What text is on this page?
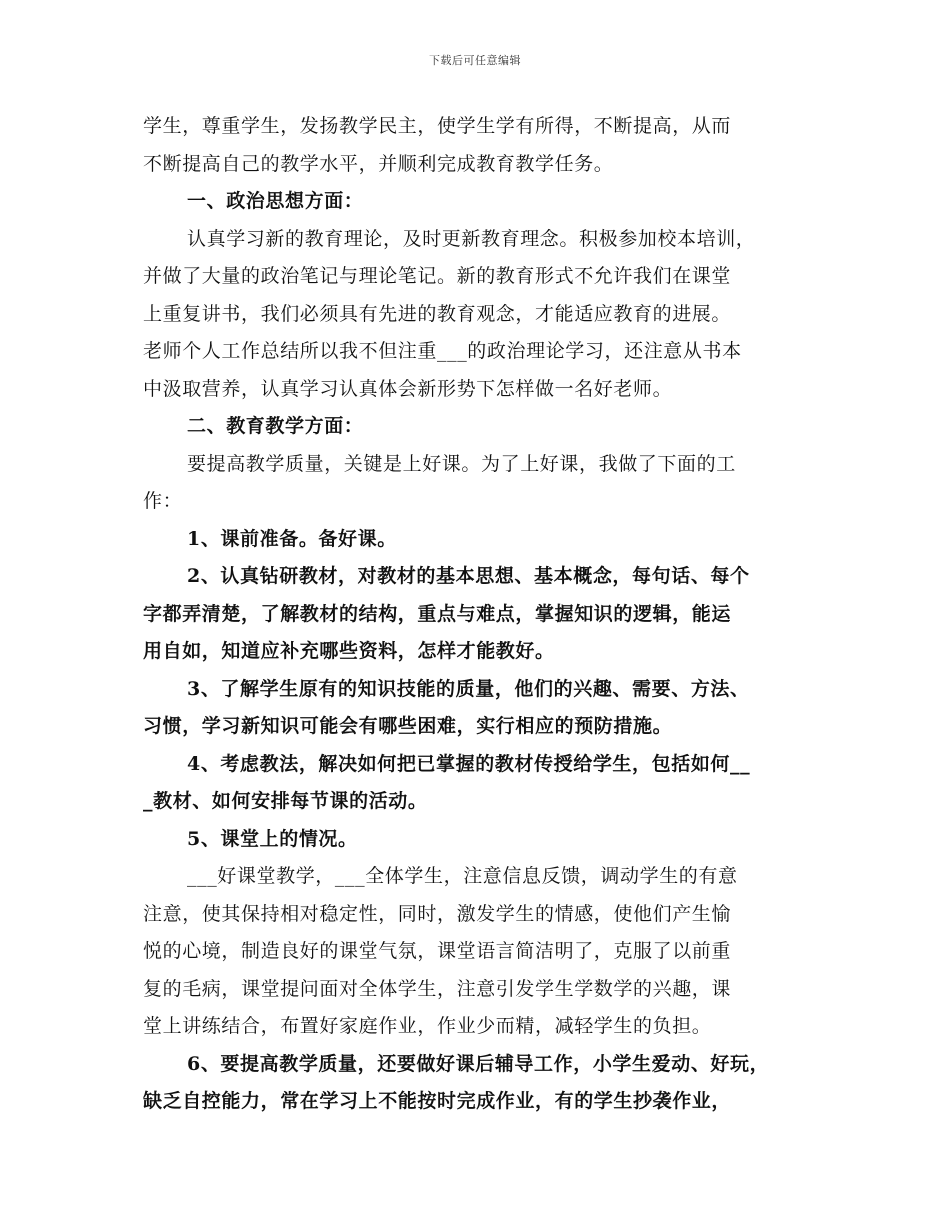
下载后可任意编辑
学生，尊重学生，发扬教学民主，使学生学有所得，不断提高，从而
不断提高自己的教学水平，并顺利完成教育教学任务。
一、政治思想方面：
认真学习新的教育理论，及时更新教育理念。积极参加校本培训，
并做了大量的政治笔记与理论笔记。新的教育形式不允许我们在课堂
上重复讲书，我们必须具有先进的教育观念，才能适应教育的进展。
老师个人工作总结所以我不但注重___的政治理论学习，还注意从书本
中汲取营养，认真学习认真体会新形势下怎样做一名好老师。
二、教育教学方面：
要提高教学质量，关键是上好课。为了上好课，我做了下面的工
作：
1、课前准备。备好课。
2、认真钻研教材，对教材的基本思想、基本概念，每句话、每个
字都弄清楚，了解教材的结构，重点与难点，掌握知识的逻辑，能运
用自如，知道应补充哪些资料，怎样才能教好。
3、了解学生原有的知识技能的质量，他们的兴趣、需要、方法、
习惯，学习新知识可能会有哪些困难，实行相应的预防措施。
4、考虑教法，解决如何把已掌握的教材传授给学生，包括如何__
_教材、如何安排每节课的活动。
5、课堂上的情况。
___好课堂教学，___全体学生，注意信息反馈，调动学生的有意
注意，使其保持相对稳定性，同时，激发学生的情感，使他们产生愉
悦的心境，制造良好的课堂气氛，课堂语言简洁明了，克服了以前重
复的毛病，课堂提问面对全体学生，注意引发学生学数学的兴趣，课
堂上讲练结合，布置好家庭作业，作业少而精，减轻学生的负担。
6、要提高教学质量，还要做好课后辅导工作，小学生爱动、好玩，
缺乏自控能力，常在学习上不能按时完成作业，有的学生抄袭作业，
